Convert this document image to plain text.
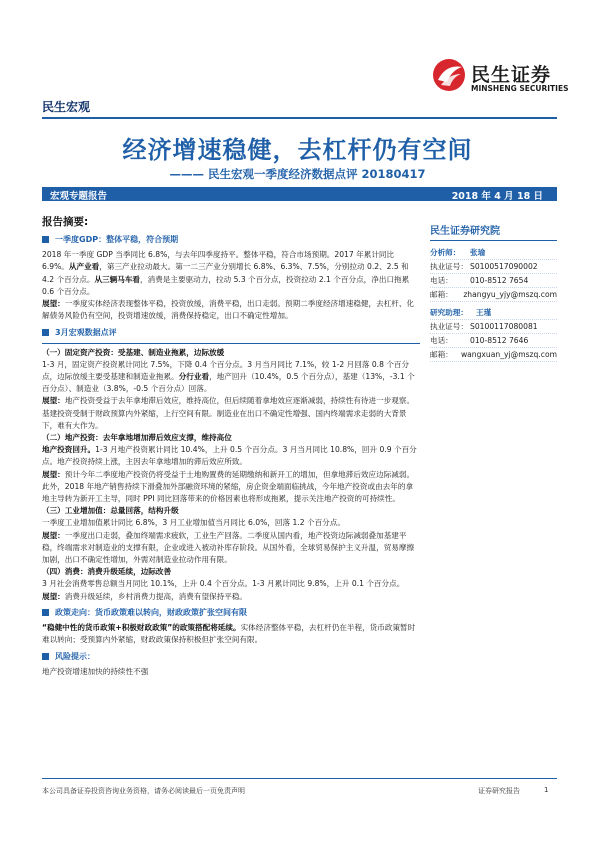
民生证券
MINSHENG SECURITIES
民生宏观
经济增速稳健，去杠杆仍有空间
——— 民生宏观一季度经济数据点评 20180417
宏观专题报告	2018 年 4 月 18 日
报告摘要:

一季度GDP：整体平稳，符合预期

2018 年一季度 GDP 当季同比 6.8%，与去年四季度持平。整体平稳，符合市场预期。2017 年累计同比 6.9%。从产业看，第三产业拉动最大。第一二三产业分别增长 6.8%、6.3%、7.5%，分别拉动 0.2、2.5 和 4.2 个百分点。从三辆马车看，消费是主要驱动力，拉动 5.3 个百分点，投资拉动 2.1 个百分点，净出口拖累 0.6 个百分点。

展望：一季度实体经济表现整体平稳，投资放缓，消费平稳，出口走弱。预期二季度经济增速稳健，去杠杆、化解债务风险仍有空间，投资增速放缓，消费保持稳定，出口不确定性增加。

3月宏观数据点评

（一）固定资产投资：受基建、制造业拖累，边际放缓

1-3 月，固定资产投资累计同比 7.5%，下降 0.4 个百分点。3 月当月同比 7.1%，较 1-2 月回落 0.8 个百分点，边际放缓主要受基建和制造业拖累。分行业看，地产回升（10.4%，0.5 个百分点），基建（13%，-3.1 个百分点）、制造业（3.8%，-0.5 个百分点）回落。

展望：地产投资受益于去年拿地滞后效应，维持高位，但后续随着拿地效应逐渐减弱，持续性有待进一步观察。基建投资受制于财政预算内外紧缩，上行空间有限。制造业在出口不确定性增强、国内终端需求走弱的大背景下，难有大作为。

（二）地产投资：去年拿地增加滞后效应支撑，维持高位

地产投资回升。1-3 月地产投资累计同比 10.4%，上升 0.5 个百分点。3 月当月同比 10.8%，回升 0.9 个百分点。地产投资持续上涨，主因去年拿地增加的滞后效应所致。

展望：预计今年二季度地产投资仍将受益于土地购置费的延期缴纳和新开工的增加，但拿地滞后效应边际减弱。此外，2018 年地产销售持续下滑叠加外部融资环境的紧缩，房企资金端面临挑战，今年地产投资或由去年的拿地主导转为新开工主导，同时 PPI 同比回落带来的价格因素也将形成拖累，提示关注地产投资的可持续性。

（三）工业增加值：总量回落，结构升级

一季度工业增加值累计同比 6.8%，3 月工业增加值当月同比 6.0%，回落 1.2 个百分点。

展望：一季度出口走弱，叠加终端需求疲软，工业生产回落。二季度从国内看，地产投资边际减弱叠加基建平稳，终端需求对制造业的支撑有限，企业或进入被动补库存阶段。从国外看，全球贸易保护主义升温，贸易摩擦加剧，出口不确定性增加，外需对制造业拉动作用有限。

（四）消费：消费升级延续，边际改善

3 月社会消费零售总额当月同比 10.1%，上升 0.4 个百分点。1-3 月累计同比 9.8%，上升 0.1 个百分点。

展望：消费升级延续，乡村消费力提高，消费有望保持平稳。

政策走向：货币政策难以转向，财政政策扩张空间有限

“稳健中性的货币政策+积极财政政策”的政策搭配将延续。实体经济整体平稳，去杠杆仍在半程，货币政策暂时难以转向；受预算内外紧缩，财政政策保持积极但扩张空间有限。

风险提示：

地产投资增速加快的持续性不强

民生证券研究院
分析师：	张瑜
执业证号： S0100517090002
电话：	010-8512 7654
邮箱：	zhangyu_yjy@mszq.com
研究助理：	王瑾
执业证号： S0100117080081
电话：	010-8512 7646
邮箱：	wangxuan_yj@mszq.com
本公司具备证券投资咨询业务资格，请务必阅读最后一页免责声明	证券研究报告	1
